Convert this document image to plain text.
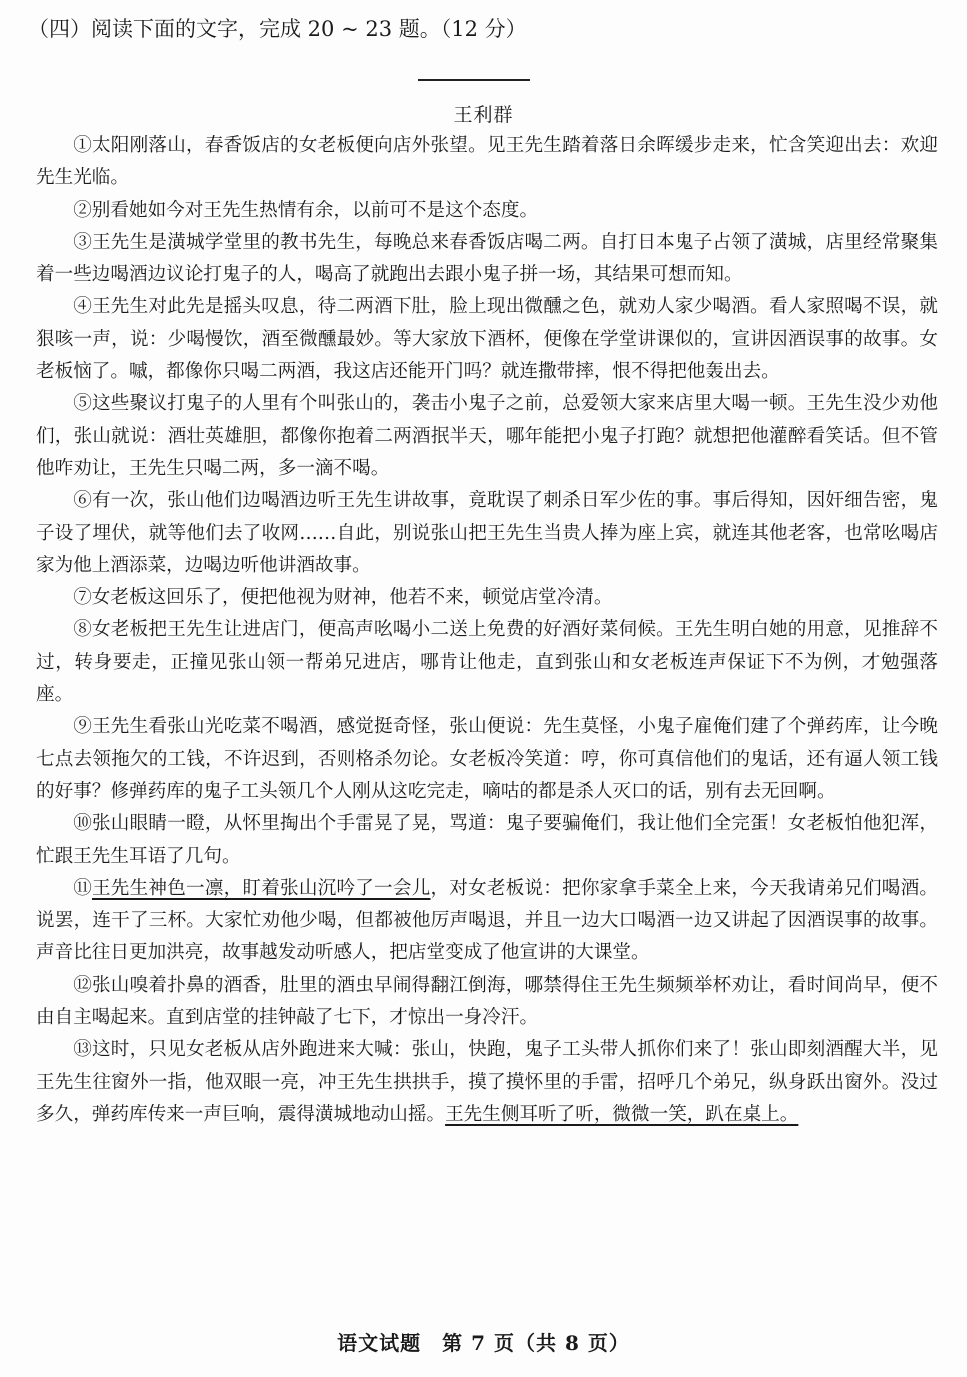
（四）阅读下面的文字，完成 20 ~ 23 题。（12 分）
王利群

①太阳刚落山，春香饭店的女老板便向店外张望。见王先生踏着落日余晖缓步走来，忙含笑迎出去：欢迎先生光临。

②别看她如今对王先生热情有余，以前可不是这个态度。

③王先生是潢城学堂里的教书先生，每晚总来春香饭店喝二两。自打日本鬼子占领了潢城，店里经常聚集着一些边喝酒边议论打鬼子的人，喝高了就跑出去跟小鬼子拼一场，其结果可想而知。

④王先生对此先是摇头叹息，待二两酒下肚，脸上现出微醺之色，就劝人家少喝酒。看人家照喝不误，就狠咳一声，说：少喝慢饮，酒至微醺最妙。等大家放下酒杯，便像在学堂讲课似的，宣讲因酒误事的故事。女老板恼了。嘁，都像你只喝二两酒，我这店还能开门吗？就连撒带摔，恨不得把他轰出去。

⑤这些聚议打鬼子的人里有个叫张山的，袭击小鬼子之前，总爱领大家来店里大喝一顿。王先生没少劝他们，张山就说：酒壮英雄胆，都像你抱着二两酒抿半天，哪年能把小鬼子打跑？就想把他灌醉看笑话。但不管他咋劝让，王先生只喝二两，多一滴不喝。

⑥有一次，张山他们边喝酒边听王先生讲故事，竟耽误了刺杀日军少佐的事。事后得知，因奸细告密，鬼子设了埋伏，就等他们去了收网……自此，别说张山把王先生当贵人捧为座上宾，就连其他老客，也常吆喝店家为他上酒添菜，边喝边听他讲酒故事。

⑦女老板这回乐了，便把他视为财神，他若不来，顿觉店堂冷清。

⑧女老板把王先生让进店门，便高声吆喝小二送上免费的好酒好菜伺候。王先生明白她的用意，见推辞不过，转身要走，正撞见张山领一帮弟兄进店，哪肯让他走，直到张山和女老板连声保证下不为例，才勉强落座。

⑨王先生看张山光吃菜不喝酒，感觉挺奇怪，张山便说：先生莫怪，小鬼子雇俺们建了个弹药库，让今晚七点去领拖欠的工钱，不许迟到，否则格杀勿论。女老板冷笑道：哼，你可真信他们的鬼话，还有逼人领工钱的好事？修弹药库的鬼子工头领几个人刚从这吃完走，嘀咕的都是杀人灭口的话，别有去无回啊。

⑩张山眼睛一瞪，从怀里掏出个手雷晃了晃，骂道：鬼子要骗俺们，我让他们全完蛋！女老板怕他犯浑，忙跟王先生耳语了几句。

⑪王先生神色一凛，盯着张山沉吟了一会儿，对女老板说：把你家拿手菜全上来，今天我请弟兄们喝酒。说罢，连干了三杯。大家忙劝他少喝，但都被他厉声喝退，并且一边大口喝酒一边又讲起了因酒误事的故事。声音比往日更加洪亮，故事越发动听感人，把店堂变成了他宣讲的大课堂。

⑫张山嗅着扑鼻的酒香，肚里的酒虫早闹得翻江倒海，哪禁得住王先生频频举杯劝让，看时间尚早，便不由自主喝起来。直到店堂的挂钟敲了七下，才惊出一身冷汗。

⑬这时，只见女老板从店外跑进来大喊：张山，快跑，鬼子工头带人抓你们来了！张山即刻酒醒大半，见王先生往窗外一指，他双眼一亮，冲王先生拱拱手，摸了摸怀里的手雷，招呼几个弟兄，纵身跃出窗外。没过多久，弹药库传来一声巨响，震得潢城地动山摇。王先生侧耳听了听，微微一笑，趴在桌上。

语文试题　第 7 页（共 8 页）
